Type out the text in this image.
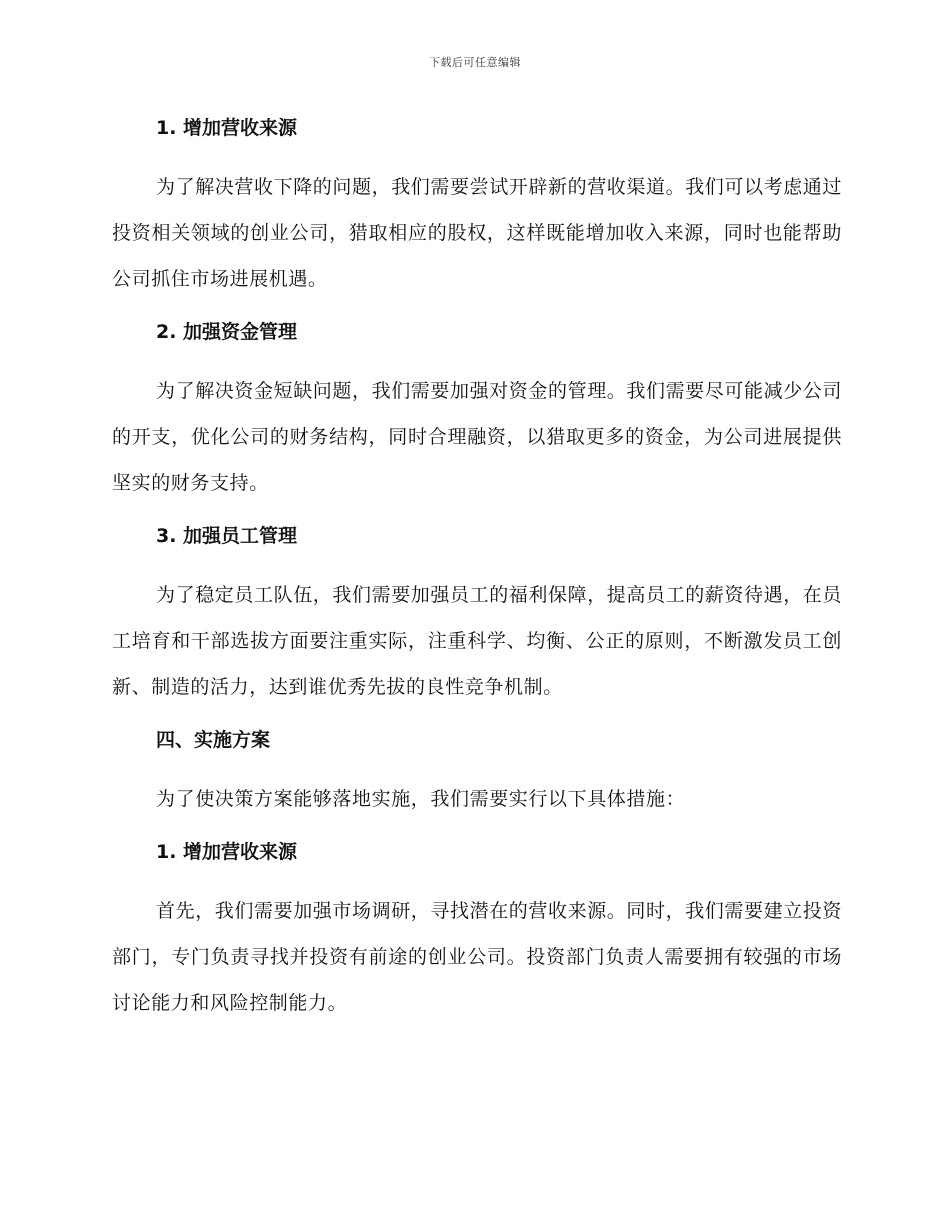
下载后可任意编辑
1. 增加营收来源

为了解决营收下降的问题，我们需要尝试开辟新的营收渠道。我们可以考虑通过投资相关领域的创业公司，猎取相应的股权，这样既能增加收入来源，同时也能帮助公司抓住市场进展机遇。

2. 加强资金管理

为了解决资金短缺问题，我们需要加强对资金的管理。我们需要尽可能减少公司的开支，优化公司的财务结构，同时合理融资，以猎取更多的资金，为公司进展提供坚实的财务支持。

3. 加强员工管理

为了稳定员工队伍，我们需要加强员工的福利保障，提高员工的薪资待遇，在员工培育和干部选拔方面要注重实际，注重科学、均衡、公正的原则，不断激发员工创新、制造的活力，达到谁优秀先拔的良性竞争机制。

四、实施方案

为了使决策方案能够落地实施，我们需要实行以下具体措施：

1. 增加营收来源

首先，我们需要加强市场调研，寻找潜在的营收来源。同时，我们需要建立投资部门，专门负责寻找并投资有前途的创业公司。投资部门负责人需要拥有较强的市场讨论能力和风险控制能力。
